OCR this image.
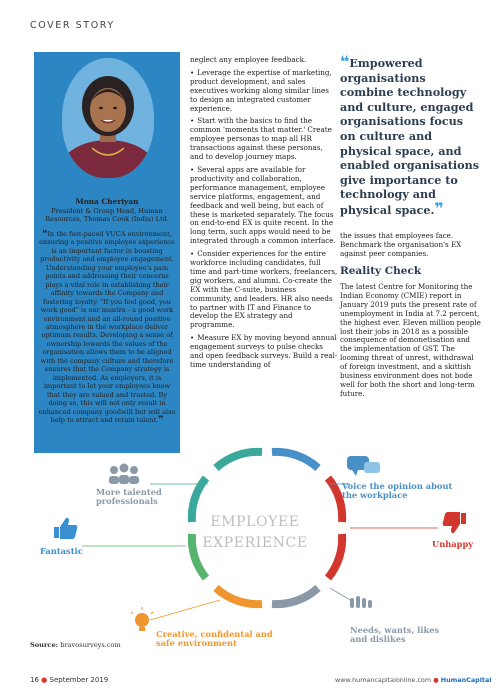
COVER STORY
Mona Cheriyan
President & Group Head, Human Resources, Thomas Cook (India) Ltd.
❝In the fast-paced VUCA environment, ensuring a positive employee experience is an important factor in boosting productivity and employee engagement. Understanding your employee's pain points and addressing their concerns plays a vital role in establishing their affinity towards the Company and fostering loyalty. "If you feel good, you work good" is our mantra - a good work environment and an all-round positive atmosphere in the workplace deliver optimum results. Developing a sense of ownership towards the values of the organisation allows them to be aligned with the company culture and therefore ensures that the Company strategy is implemented. As employers, it is important to let your employees know that they are valued and trusted. By doing so, this will not only result in enhanced company goodwill but will also help to attract and retain talent.❞

neglect any employee feedback.

• Leverage the expertise of marketing, product development, and sales executives working along similar lines to design an integrated customer experience.

• Start with the basics to find the common 'moments that matter.' Create employee personas to map all HR transactions against these personas, and to develop journey maps.

• Several apps are available for productivity and collaboration, performance management, employee service platforms, engagement, and feedback and well being, but each of these is marketed separately. The focus on end-to-end EX is quite recent. In the long term, such apps would need to be integrated through a common interface.

• Consider experiences for the entire workforce including candidates, full time and part-time workers, freelancers, gig workers, and alumni. Co-create the EX with the C-suite, business community, and leaders. HR also needs to partner with IT and Finance to develop the EX strategy and programme.

• Measure EX by moving beyond annual engagement surveys to pulse checks and open feedback surveys. Build a real-time understanding of

❝Empowered organisations combine technology and culture, engaged organisations focus on culture and physical space, and enabled organisations give importance to technology and physical space.❞
the issues that employees face. Benchmark the organisation's EX against peer companies.
Reality Check
The latest Centre for Monitoring the Indian Economy (CMIE) report in January 2019 puts the present rate of unemployment in India at 7.2 percent, the highest ever. Eleven million people lost their jobs in 2018 as a possible consequence of demonetisation and the implementation of GST. The looming threat of unrest, withdrawal of foreign investment, and a skittish business environment does not bode well for both the short and long-term future.
More talented professionals
Voice the opinion about the workplace
Fantastic
Unhappy
Creative, confidental and safe environment
Needs, wants, likes and dislikes
EMPLOYEE
EXPERIENCE
Source: bravosurveys.com
16 ● September 2019	www.humancapitalonline.com ● HumanCapital
